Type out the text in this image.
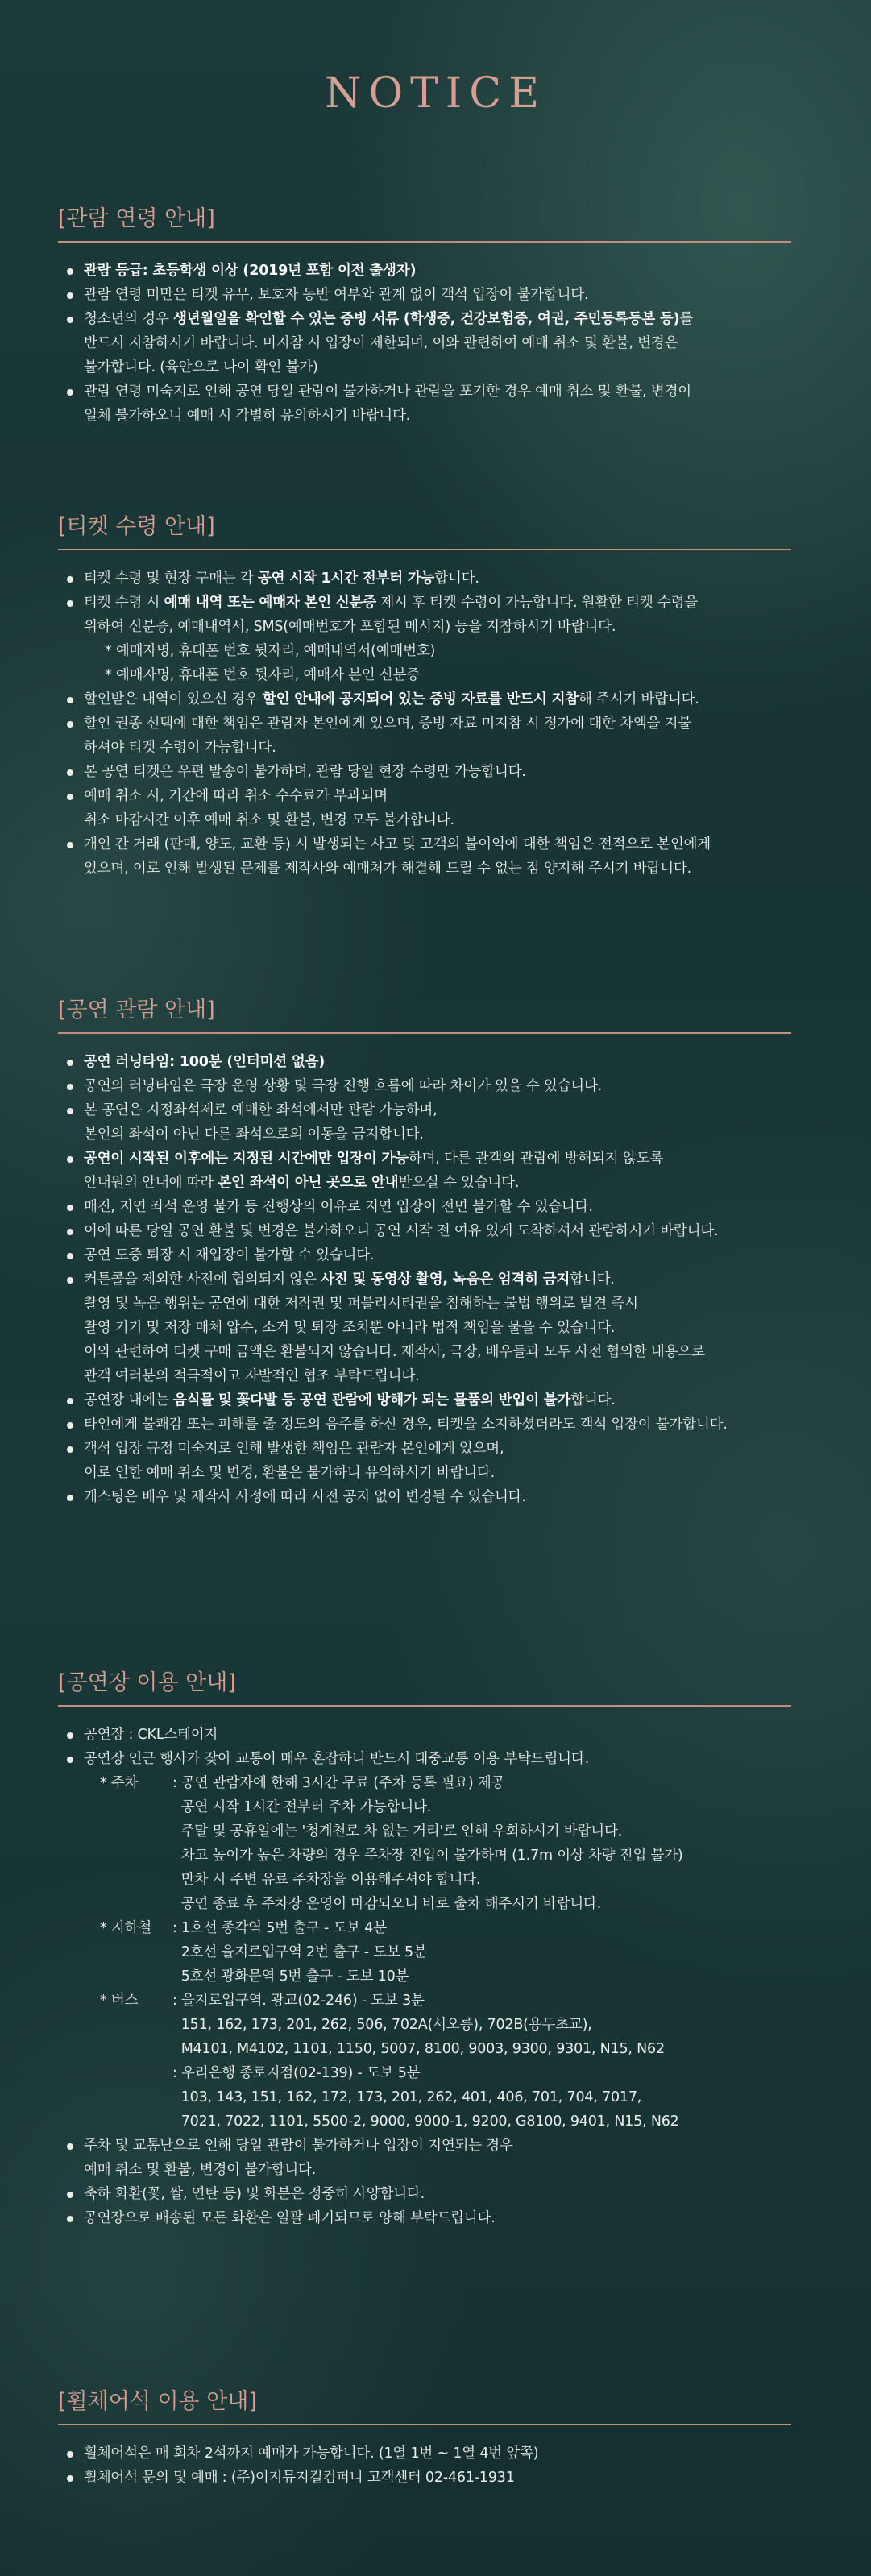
NOTICE
[관람 연령 안내]
관람 등급: 초등학생 이상 (2019년 포함 이전 출생자)
관람 연령 미만은 티켓 유무, 보호자 동반 여부와 관계 없이 객석 입장이 불가합니다.
청소년의 경우 생년월일을 확인할 수 있는 증빙 서류 (학생증, 건강보험증, 여권, 주민등록등본 등)를
반드시 지참하시기 바랍니다. 미지참 시 입장이 제한되며, 이와 관련하여 예매 취소 및 환불, 변경은
불가합니다. (육안으로 나이 확인 불가)
관람 연령 미숙지로 인해 공연 당일 관람이 불가하거나 관람을 포기한 경우 예매 취소 및 환불, 변경이
일체 불가하오니 예매 시 각별히 유의하시기 바랍니다.
[티켓 수령 안내]
티켓 수령 및 현장 구매는 각 공연 시작 1시간 전부터 가능합니다.
티켓 수령 시 예매 내역 또는 예매자 본인 신분증 제시 후 티켓 수령이 가능합니다. 원활한 티켓 수령을
위하여 신분증, 예매내역서, SMS(예매번호가 포함된 메시지) 등을 지참하시기 바랍니다.
* 예매자명, 휴대폰 번호 뒷자리, 예매내역서(예매번호)
* 예매자명, 휴대폰 번호 뒷자리, 예매자 본인 신분증
할인받은 내역이 있으신 경우 할인 안내에 공지되어 있는 증빙 자료를 반드시 지참해 주시기 바랍니다.
할인 권종 선택에 대한 책임은 관람자 본인에게 있으며, 증빙 자료 미지참 시 정가에 대한 차액을 지불
하셔야 티켓 수령이 가능합니다.
본 공연 티켓은 우편 발송이 불가하며, 관람 당일 현장 수령만 가능합니다.
예매 취소 시, 기간에 따라 취소 수수료가 부과되며
취소 마감시간 이후 예매 취소 및 환불, 변경 모두 불가합니다.
개인 간 거래 (판매, 양도, 교환 등) 시 발생되는 사고 및 고객의 불이익에 대한 책임은 전적으로 본인에게
있으며, 이로 인해 발생된 문제를 제작사와 예매처가 해결해 드릴 수 없는 점 양지해 주시기 바랍니다.
[공연 관람 안내]
공연 러닝타임: 100분 (인터미션 없음)
공연의 러닝타임은 극장 운영 상황 및 극장 진행 흐름에 따라 차이가 있을 수 있습니다.
본 공연은 지정좌석제로 예매한 좌석에서만 관람 가능하며,
본인의 좌석이 아닌 다른 좌석으로의 이동을 금지합니다.
공연이 시작된 이후에는 지정된 시간에만 입장이 가능하며, 다른 관객의 관람에 방해되지 않도록
안내원의 안내에 따라 본인 좌석이 아닌 곳으로 안내받으실 수 있습니다.
매진, 지연 좌석 운영 불가 등 진행상의 이유로 지연 입장이 전면 불가할 수 있습니다.
이에 따른 당일 공연 환불 및 변경은 불가하오니 공연 시작 전 여유 있게 도착하셔서 관람하시기 바랍니다.
공연 도중 퇴장 시 재입장이 불가할 수 있습니다.
커튼콜을 제외한 사전에 협의되지 않은 사진 및 동영상 촬영, 녹음은 엄격히 금지합니다.
촬영 및 녹음 행위는 공연에 대한 저작권 및 퍼블리시티권을 침해하는 불법 행위로 발견 즉시
촬영 기기 및 저장 매체 압수, 소거 및 퇴장 조치뿐 아니라 법적 책임을 물을 수 있습니다.
이와 관련하여 티켓 구매 금액은 환불되지 않습니다. 제작사, 극장, 배우들과 모두 사전 협의한 내용으로
관객 여러분의 적극적이고 자발적인 협조 부탁드립니다.
공연장 내에는 음식물 및 꽃다발 등 공연 관람에 방해가 되는 물품의 반입이 불가합니다.
타인에게 불쾌감 또는 피해를 줄 정도의 음주를 하신 경우, 티켓을 소지하셨더라도 객석 입장이 불가합니다.
객석 입장 규정 미숙지로 인해 발생한 책임은 관람자 본인에게 있으며,
이로 인한 예매 취소 및 변경, 환불은 불가하니 유의하시기 바랍니다.
캐스팅은 배우 및 제작사 사정에 따라 사전 공지 없이 변경될 수 있습니다.
[공연장 이용 안내]
공연장 : CKL스테이지
공연장 인근 행사가 잦아 교통이 매우 혼잡하니 반드시 대중교통 이용 부탁드립니다.
* 주차 : 공연 관람자에 한해 3시간 무료 (주차 등록 필요) 제공
공연 시작 1시간 전부터 주차 가능합니다.
주말 및 공휴일에는 '청계천로 차 없는 거리'로 인해 우회하시기 바랍니다.
차고 높이가 높은 차량의 경우 주차장 진입이 불가하며 (1.7m 이상 차량 진입 불가)
만차 시 주변 유료 주차장을 이용해주셔야 합니다.
공연 종료 후 주차장 운영이 마감되오니 바로 출차 해주시기 바랍니다.
* 지하철 : 1호선 종각역 5번 출구 - 도보 4분
2호선 을지로입구역 2번 출구 - 도보 5분
5호선 광화문역 5번 출구 - 도보 10분
* 버스 : 을지로입구역. 광교(02-246) - 도보 3분
151, 162, 173, 201, 262, 506, 702A(서오릉), 702B(용두초교),
M4101, M4102, 1101, 1150, 5007, 8100, 9003, 9300, 9301, N15, N62
: 우리은행 종로지점(02-139) - 도보 5분
103, 143, 151, 162, 172, 173, 201, 262, 401, 406, 701, 704, 7017,
7021, 7022, 1101, 5500-2, 9000, 9000-1, 9200, G8100, 9401, N15, N62
주차 및 교통난으로 인해 당일 관람이 불가하거나 입장이 지연되는 경우
예매 취소 및 환불, 변경이 불가합니다.
축하 화환(꽃, 쌀, 연탄 등) 및 화분은 정중히 사양합니다.
공연장으로 배송된 모든 화환은 일괄 폐기되므로 양해 부탁드립니다.
[휠체어석 이용 안내]
휠체어석은 매 회차 2석까지 예매가 가능합니다. (1열 1번 ~ 1열 4번 앞쪽)
휠체어석 문의 및 예매 : (주)이지뮤지컬컴퍼니 고객센터 02-461-1931
